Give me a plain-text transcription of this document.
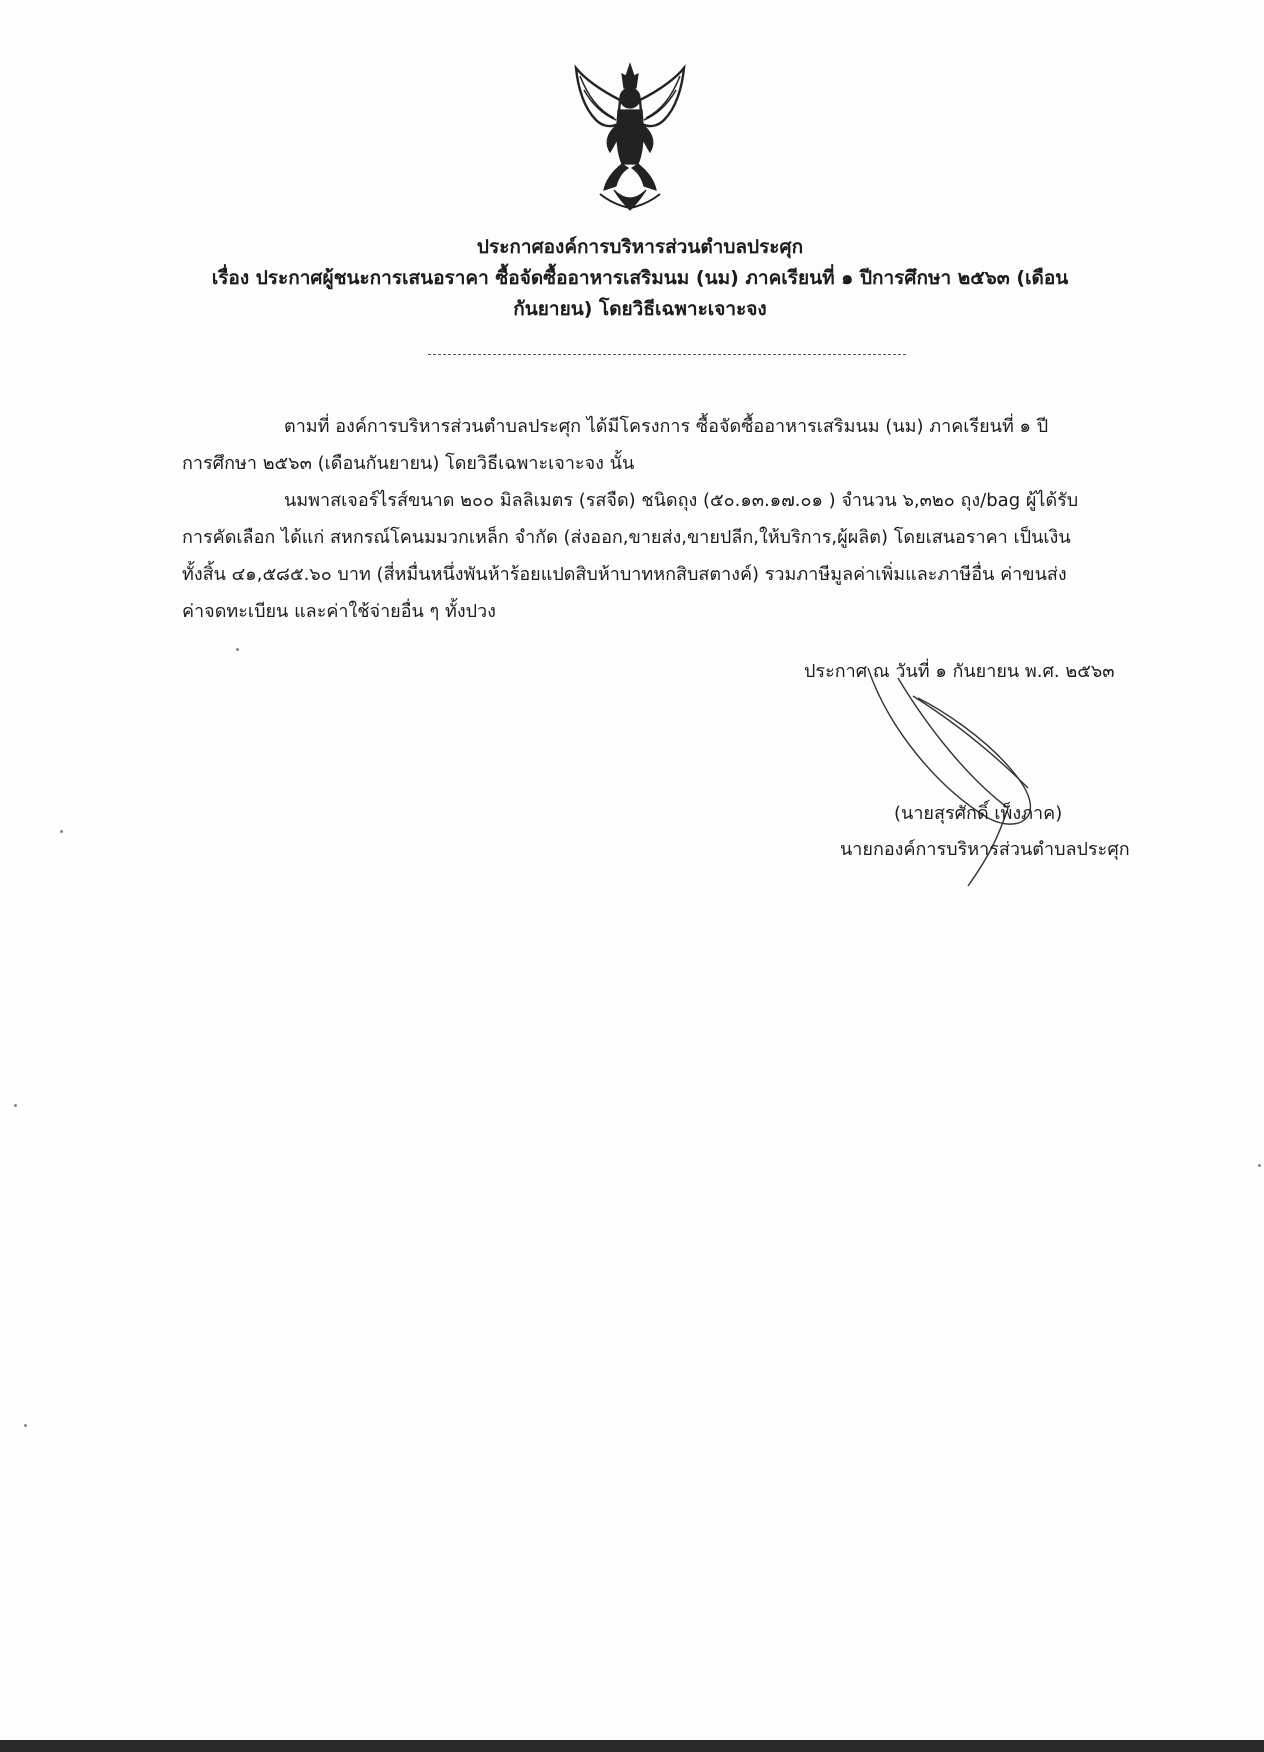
ประกาศองค์การบริหารส่วนตำบลประศุก
เรื่อง ประกาศผู้ชนะการเสนอราคา ซื้อจัดซื้ออาหารเสริมนม (นม) ภาคเรียนที่ ๑ ปีการศึกษา ๒๕๖๓ (เดือน
กันยายน) โดยวิธีเฉพาะเจาะจง

ตามที่ องค์การบริหารส่วนตำบลประศุก ได้มีโครงการ ซื้อจัดซื้ออาหารเสริมนม (นม) ภาคเรียนที่ ๑ ปี
การศึกษา ๒๕๖๓ (เดือนกันยายน) โดยวิธีเฉพาะเจาะจง นั้น

นมพาสเจอร์ไรส์ขนาด ๒๐๐ มิลลิเมตร (รสจืด) ชนิดถุง (๕๐.๑๓.๑๗.๐๑ ) จำนวน ๖,๓๒๐ ถุง/bag ผู้ได้รับ
การคัดเลือก ได้แก่ สหกรณ์โคนมมวกเหล็ก จำกัด (ส่งออก,ขายส่ง,ขายปลีก,ให้บริการ,ผู้ผลิต) โดยเสนอราคา เป็นเงิน
ทั้งสิ้น ๔๑,๕๘๕.๖๐ บาท (สี่หมื่นหนึ่งพันห้าร้อยแปดสิบห้าบาทหกสิบสตางค์) รวมภาษีมูลค่าเพิ่มและภาษีอื่น ค่าขนส่ง
ค่าจดทะเบียน และค่าใช้จ่ายอื่น ๆ ทั้งปวง

ประกาศ ณ วันที่ ๑ กันยายน พ.ศ. ๒๕๖๓
(นายสุรศักดิ์ เพ็งภาค)
นายกองค์การบริหารส่วนตำบลประศุก
